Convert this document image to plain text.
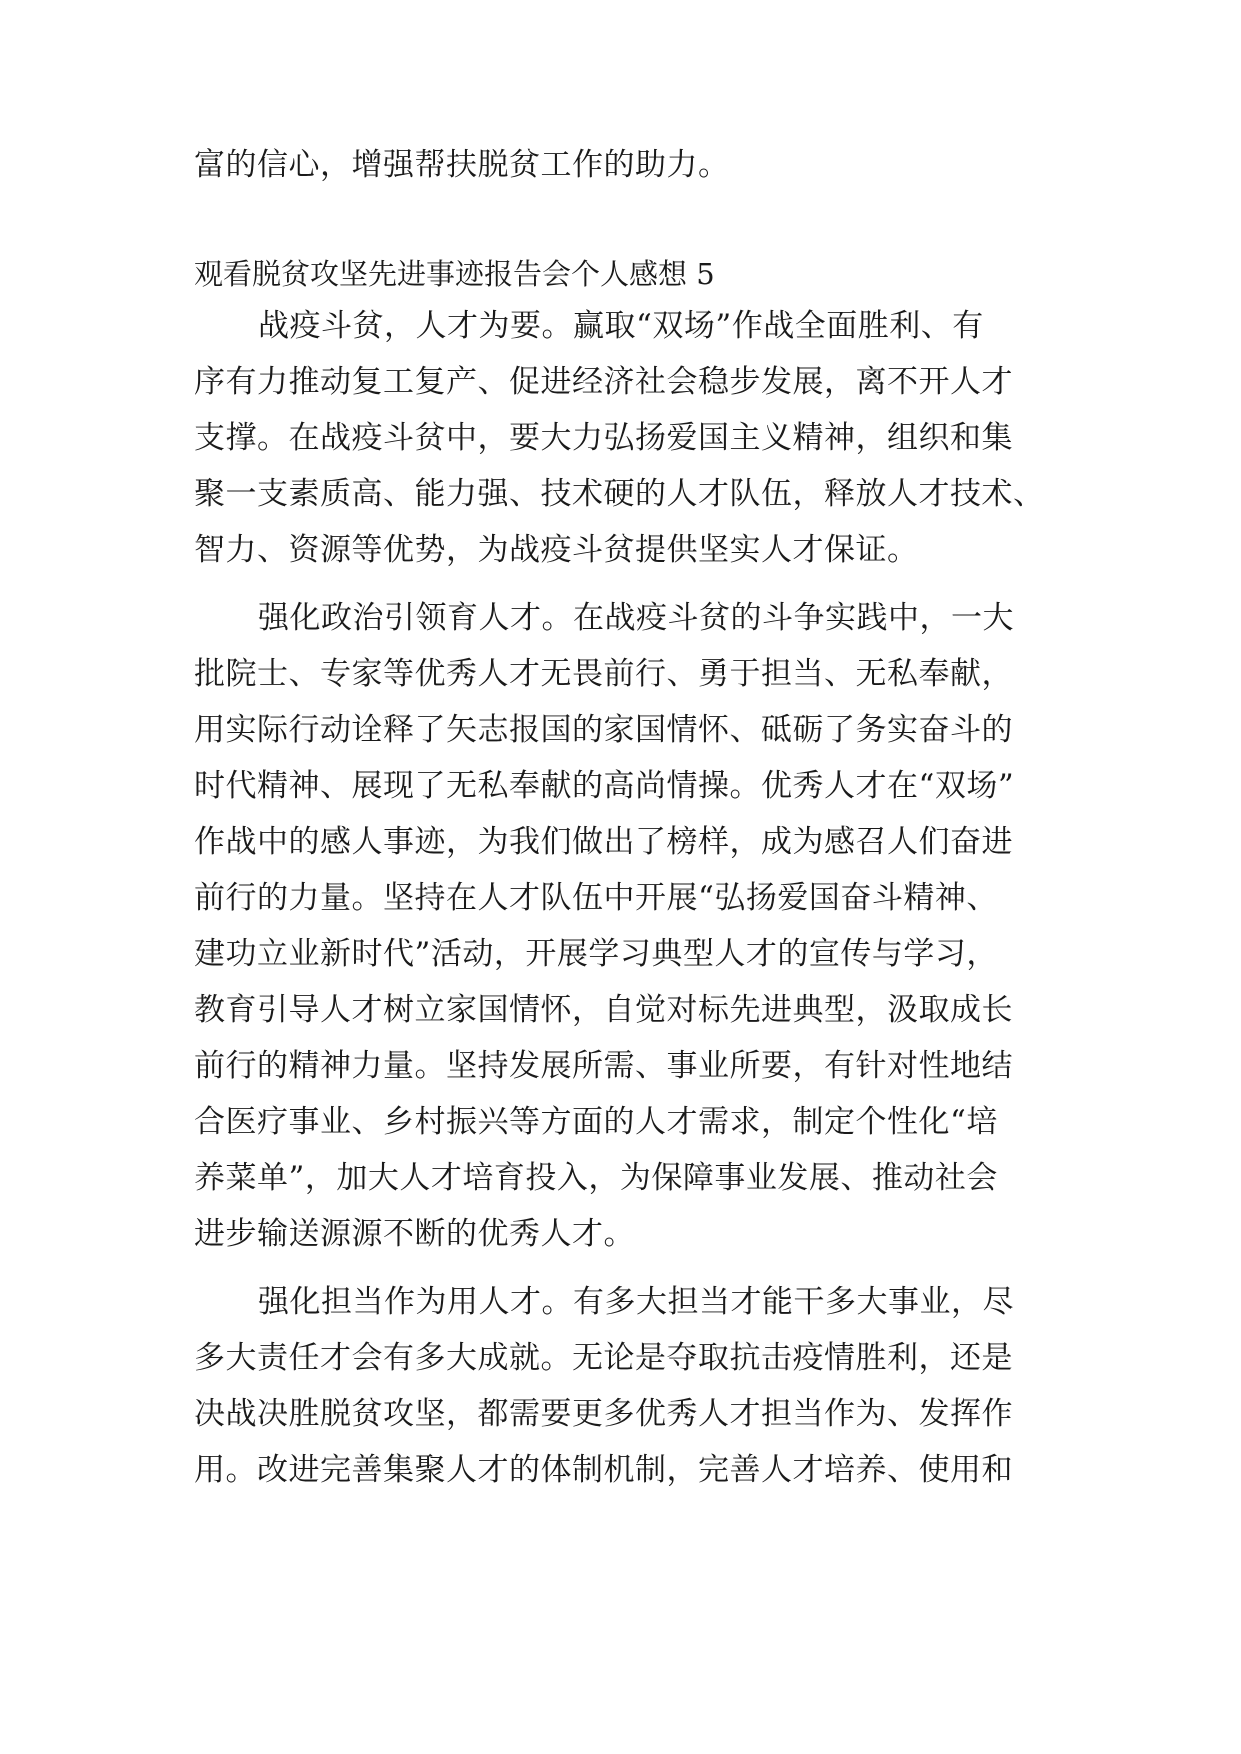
富的信心，增强帮扶脱贫工作的助力。
观看脱贫攻坚先进事迹报告会个人感想 5
战疫斗贫，人才为要。赢取“双场”作战全面胜利、有
序有力推动复工复产、促进经济社会稳步发展，离不开人才
支撑。在战疫斗贫中，要大力弘扬爱国主义精神，组织和集
聚一支素质高、能力强、技术硬的人才队伍，释放人才技术、
智力、资源等优势，为战疫斗贫提供坚实人才保证。
强化政治引领育人才。在战疫斗贫的斗争实践中，一大
批院士、专家等优秀人才无畏前行、勇于担当、无私奉献，
用实际行动诠释了矢志报国的家国情怀、砥砺了务实奋斗的
时代精神、展现了无私奉献的高尚情操。优秀人才在“双场”
作战中的感人事迹，为我们做出了榜样，成为感召人们奋进
前行的力量。坚持在人才队伍中开展“弘扬爱国奋斗精神、
建功立业新时代”活动，开展学习典型人才的宣传与学习，
教育引导人才树立家国情怀，自觉对标先进典型，汲取成长
前行的精神力量。坚持发展所需、事业所要，有针对性地结
合医疗事业、乡村振兴等方面的人才需求，制定个性化“培
养菜单”，加大人才培育投入，为保障事业发展、推动社会
进步输送源源不断的优秀人才。
强化担当作为用人才。有多大担当才能干多大事业，尽
多大责任才会有多大成就。无论是夺取抗击疫情胜利，还是
决战决胜脱贫攻坚，都需要更多优秀人才担当作为、发挥作
用。改进完善集聚人才的体制机制，完善人才培养、使用和
